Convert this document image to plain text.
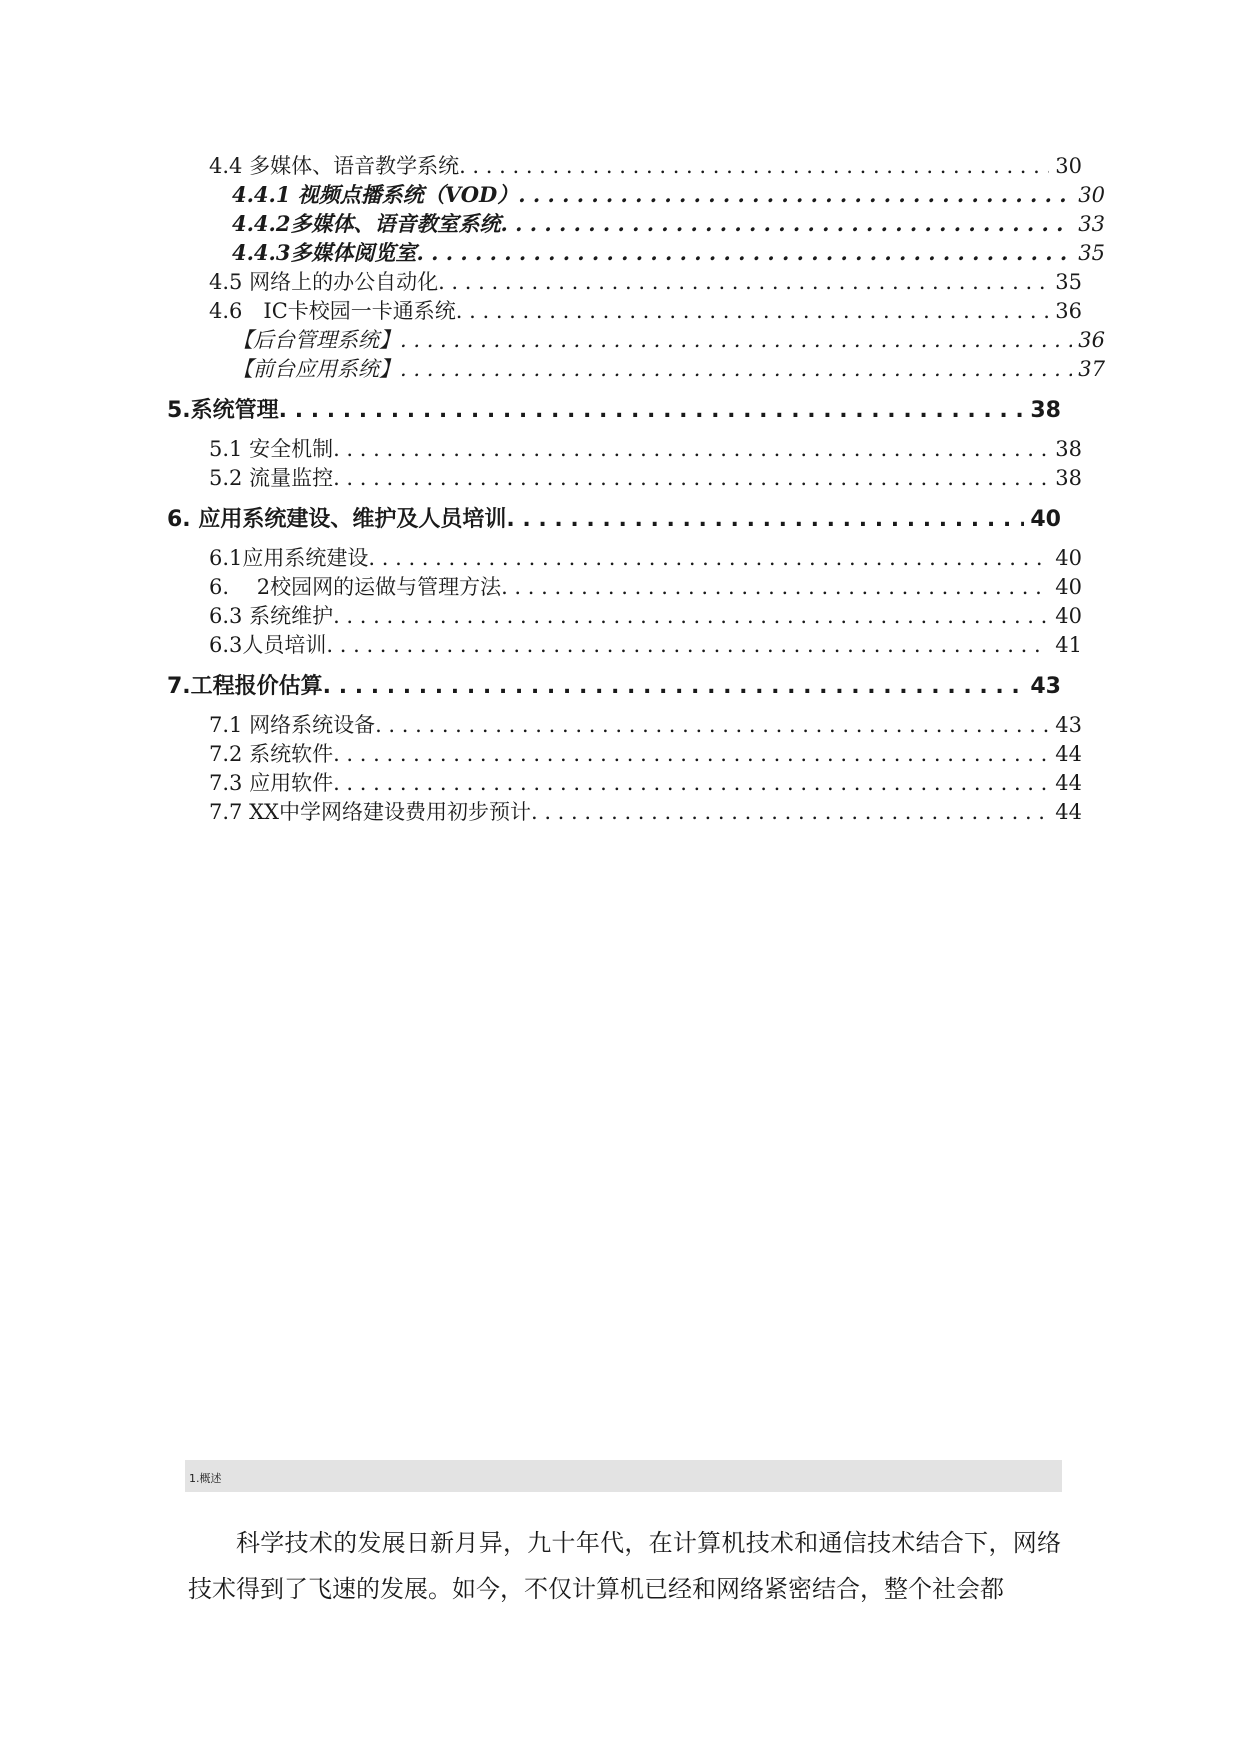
4.4 多媒体、语音教学系统 . . .	30
4.4.1 视频点播系统（VOD） . . .	30
4.4.2多媒体、语音教室系统 . . .	33
4.4.3多媒体阅览室 . . .	35
4.5 网络上的办公自动化 . . .	35
4.6　IC卡校园一卡通系统 . . .	36
【后台管理系统】 . . .	36
【前台应用系统】 . . .	37
5.系统管理 . . .	38
5.1 安全机制 . . .	38
5.2 流量监控 . . .	38
6. 应用系统建设、维护及人员培训 . . .	40
6.1应用系统建设 . . .	40
6.　 2校园网的运做与管理方法 . . .	40
6.3 系统维护 . . .	40
6.3人员培训 . . .	41
7.工程报价估算 . . .	43
7.1 网络系统设备 . . .	43
7.2 系统软件 . . .	44
7.3 应用软件 . . .	44
7.7 XX中学网络建设费用初步预计 . . .	44
1.概述

科学技术的发展日新月异，九十年代，在计算机技术和通信技术结合下，网络技术得到了飞速的发展。如今，不仅计算机已经和网络紧密结合，整个社会都
